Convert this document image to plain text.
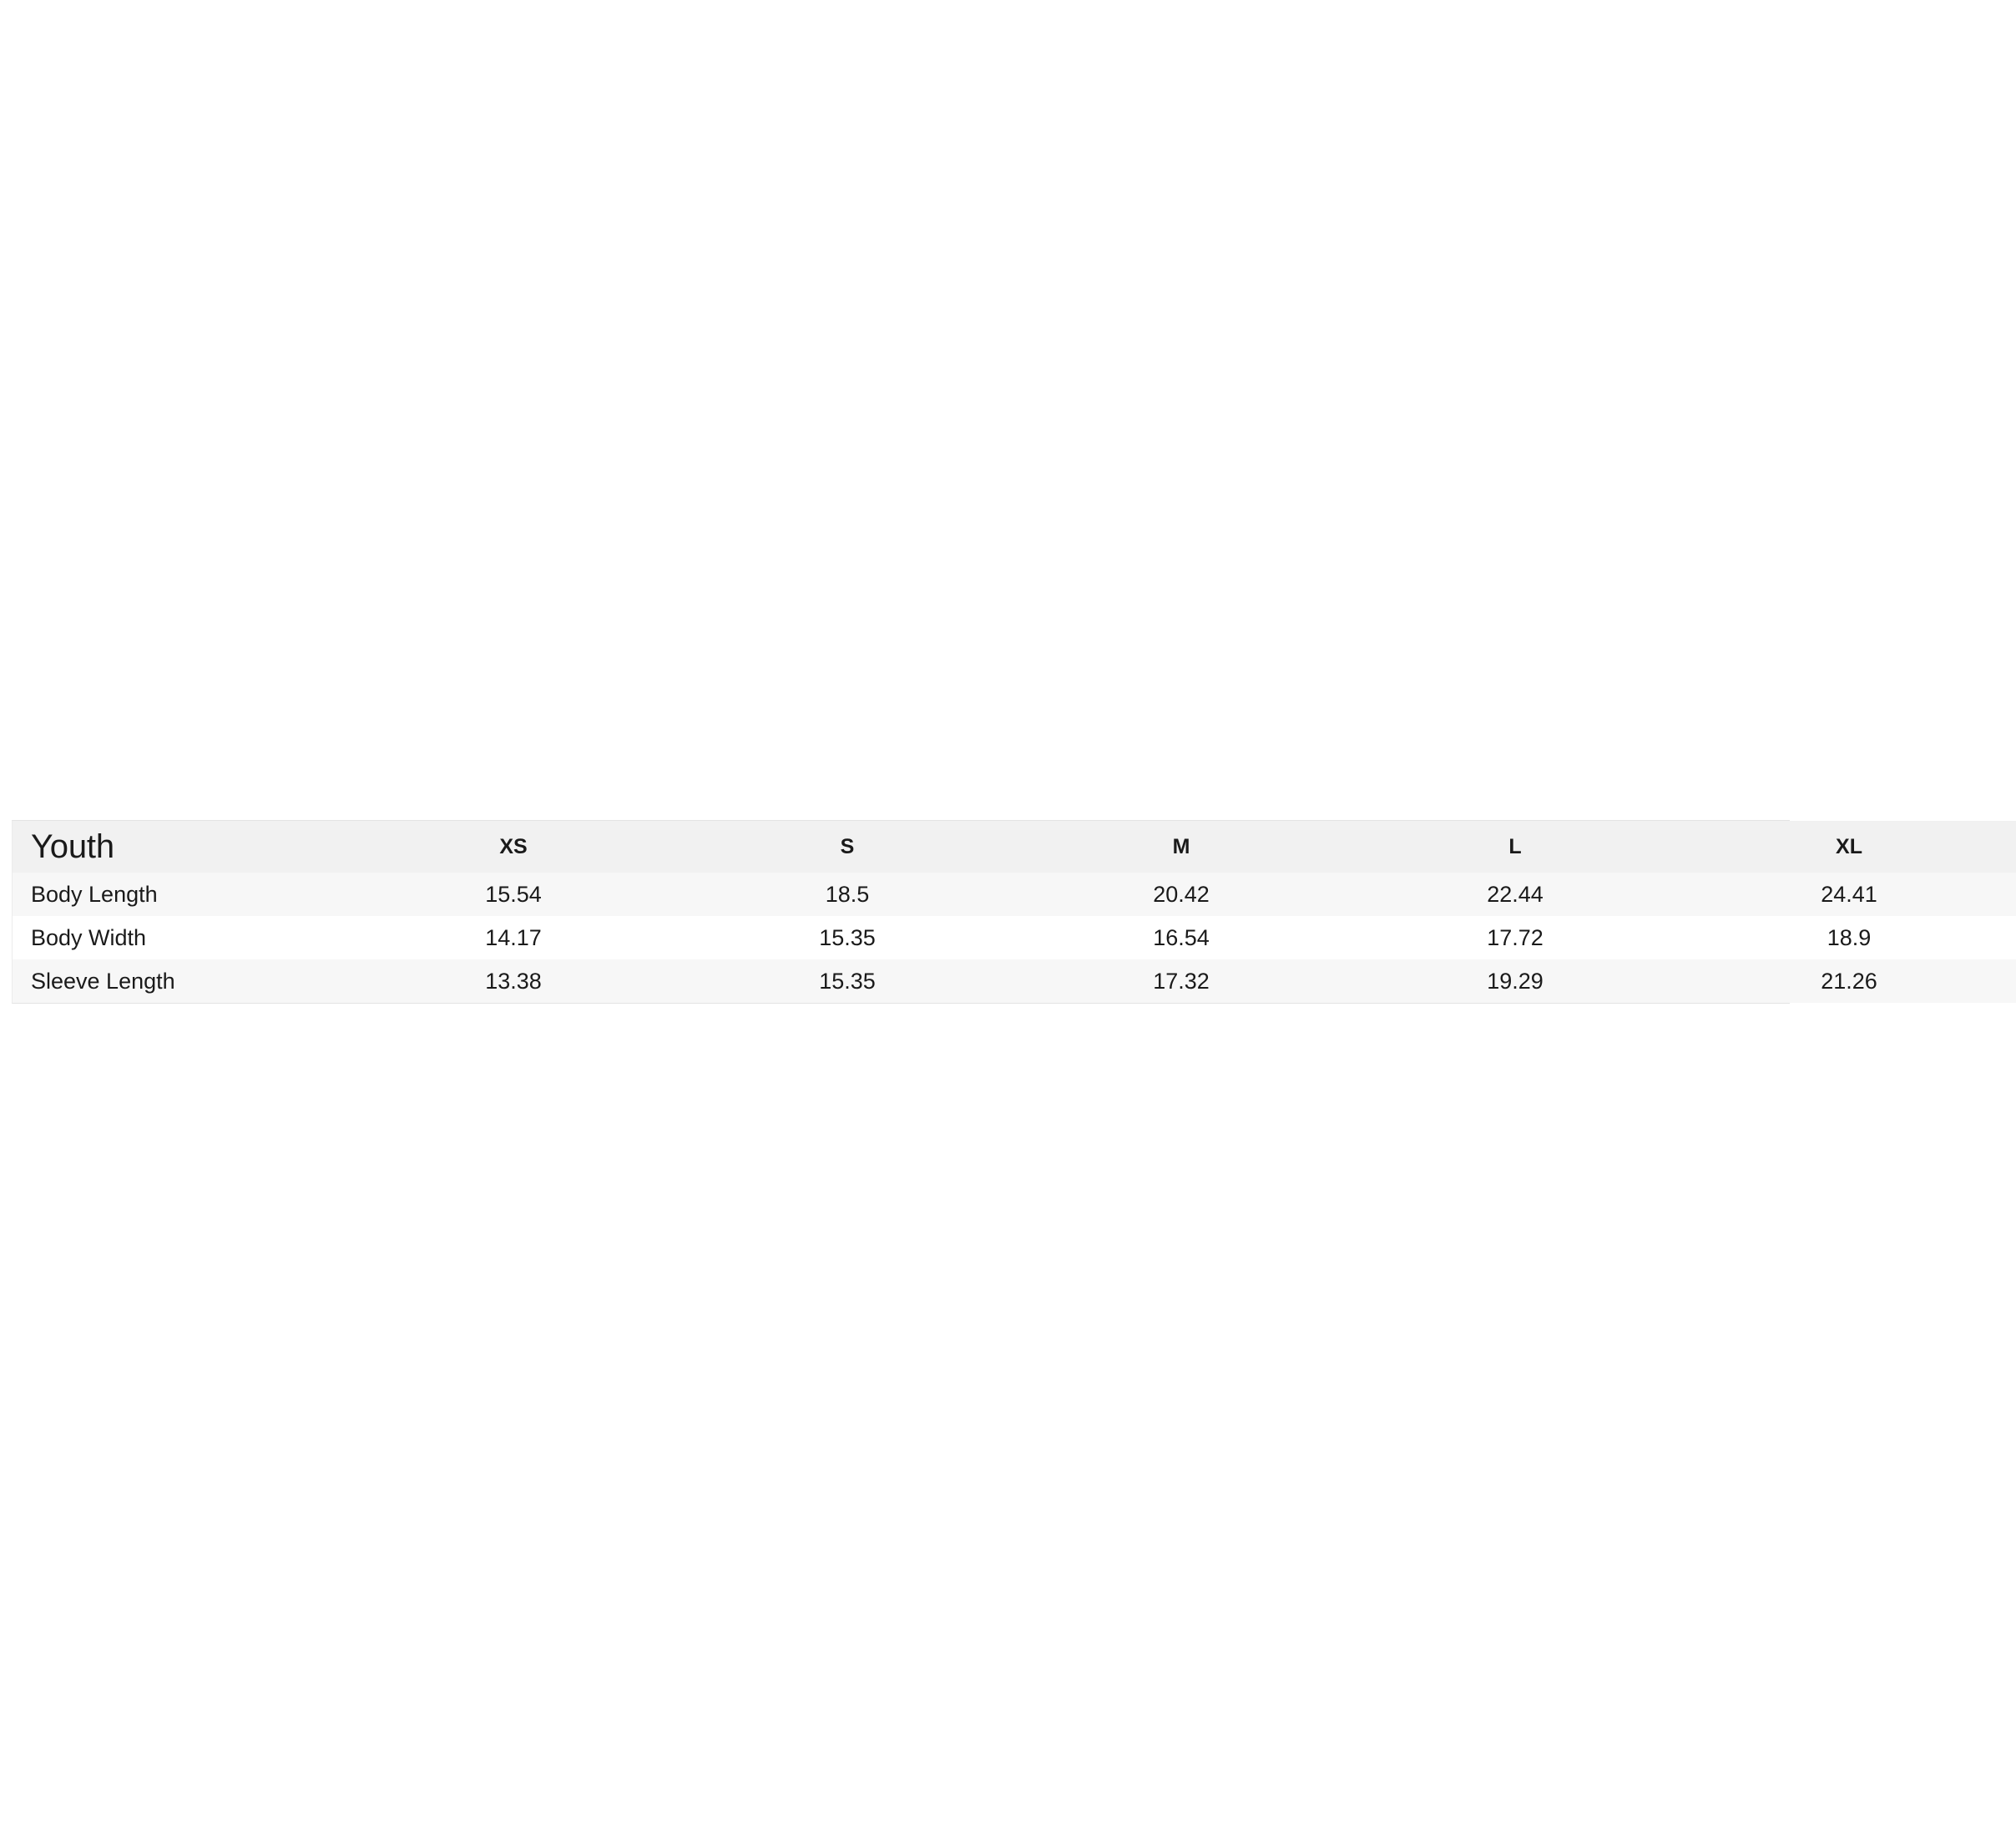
Youth	XS	S	M	L	XL
Body Length	15.54	18.5	20.42	22.44	24.41
Body Width	14.17	15.35	16.54	17.72	18.9
Sleeve Length	13.38	15.35	17.32	19.29	21.26
